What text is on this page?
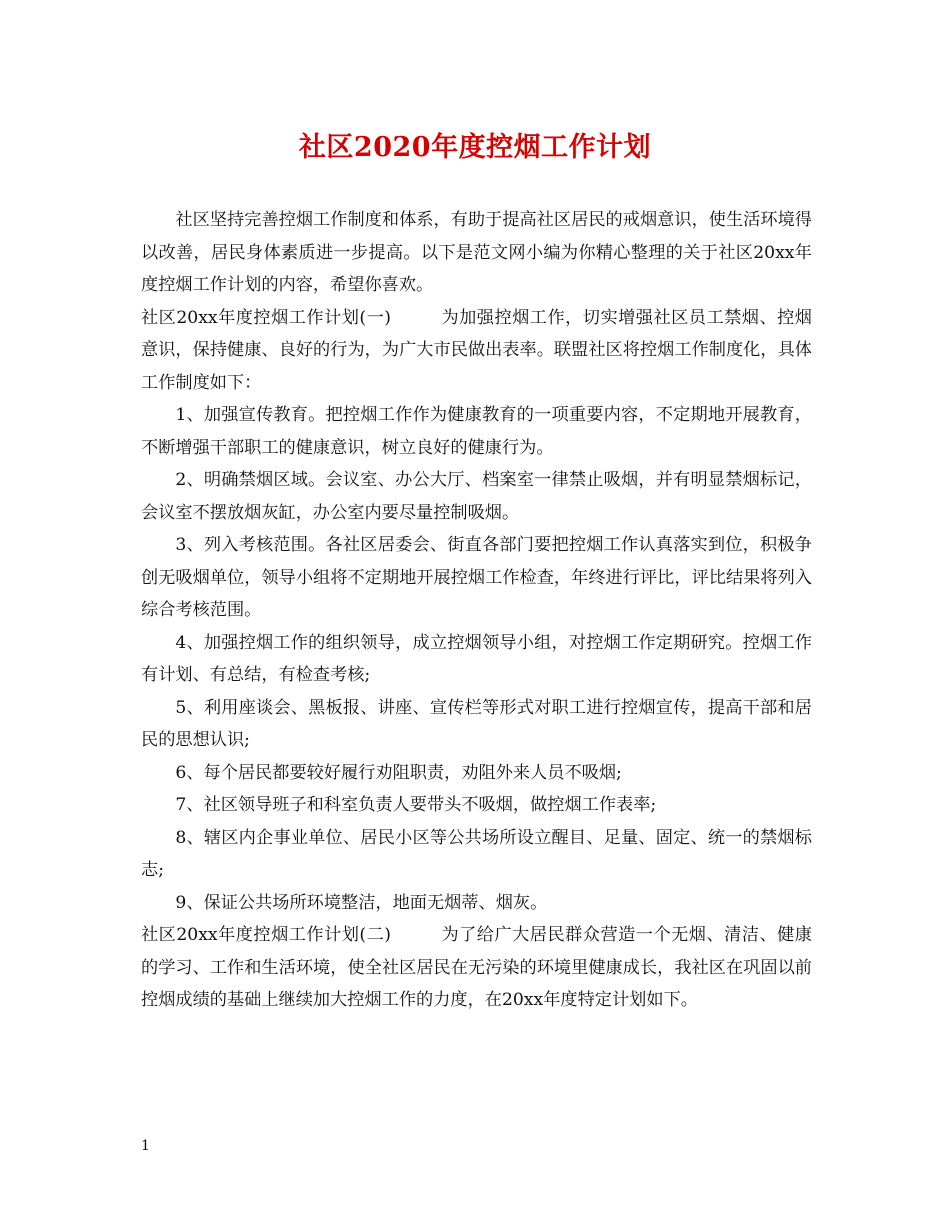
社区2020年度控烟工作计划

社区坚持完善控烟工作制度和体系，有助于提高社区居民的戒烟意识，使生活环境得以改善，居民身体素质进一步提高。以下是范文网小编为你精心整理的关于社区20xx年度控烟工作计划的内容，希望你喜欢。

社区20xx年度控烟工作计划(一)	为加强控烟工作，切实增强社区员工禁烟、控烟意识，保持健康、良好的行为，为广大市民做出表率。联盟社区将控烟工作制度化，具体工作制度如下：

1、加强宣传教育。把控烟工作作为健康教育的一项重要内容，不定期地开展教育，不断增强干部职工的健康意识，树立良好的健康行为。

2、明确禁烟区域。会议室、办公大厅、档案室一律禁止吸烟，并有明显禁烟标记，会议室不摆放烟灰缸，办公室内要尽量控制吸烟。

3、列入考核范围。各社区居委会、街直各部门要把控烟工作认真落实到位，积极争创无吸烟单位，领导小组将不定期地开展控烟工作检查，年终进行评比，评比结果将列入综合考核范围。

4、加强控烟工作的组织领导，成立控烟领导小组，对控烟工作定期研究。控烟工作有计划、有总结，有检查考核;

5、利用座谈会、黑板报、讲座、宣传栏等形式对职工进行控烟宣传，提高干部和居民的思想认识;

6、每个居民都要较好履行劝阻职责，劝阻外来人员不吸烟;

7、社区领导班子和科室负责人要带头不吸烟，做控烟工作表率;

8、辖区内企事业单位、居民小区等公共场所设立醒目、足量、固定、统一的禁烟标志;

9、保证公共场所环境整洁，地面无烟蒂、烟灰。

社区20xx年度控烟工作计划(二)	为了给广大居民群众营造一个无烟、清洁、健康的学习、工作和生活环境，使全社区居民在无污染的环境里健康成长，我社区在巩固以前控烟成绩的基础上继续加大控烟工作的力度，在20xx年度特定计划如下。

1
